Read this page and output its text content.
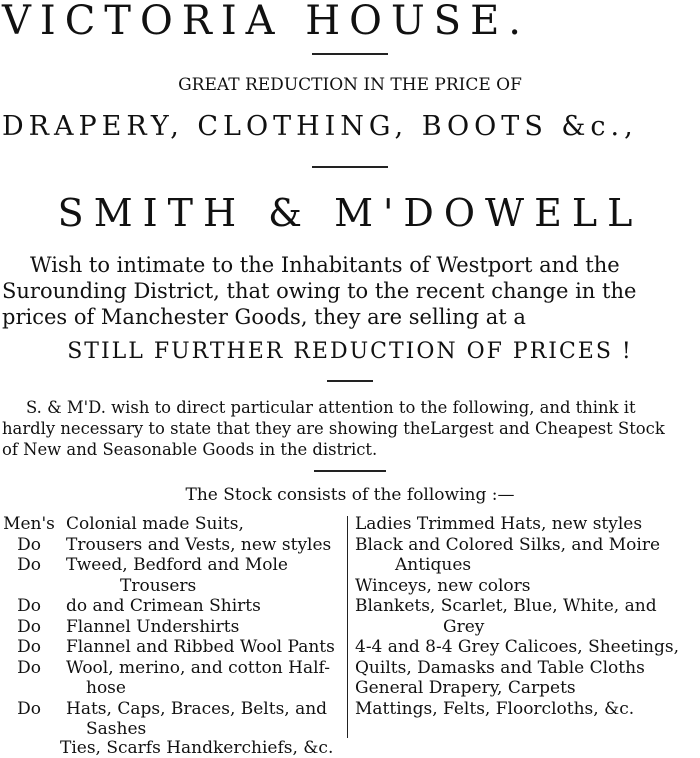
VICTORIA HOUSE.
GREAT REDUCTION IN THE PRICE OF
DRAPERY, CLOTHING, BOOTS &c.,
SMITH & M'DOWELL
Wish to intimate to the Inhabitants of Westport and the
Surounding District, that owing to the recent change in the
prices of Manchester Goods, they are selling at a
STILL FURTHER REDUCTION OF PRICES !
S. & M'D. wish to direct particular attention to the following, and think it
hardly necessary to state that they are showing theLargest and Cheapest Stock
of New and Seasonable Goods in the district.
The Stock consists of the following :—
Men's Colonial made Suits,
Do	Trousers and Vests, new styles
Do	Tweed, Bedford and Mole
Trousers
Do	do and Crimean Shirts
Do	Flannel Undershirts
Do	Flannel and Ribbed Wool Pants
Do	Wool, merino, and cotton Half-
hose
Do	Hats, Caps, Braces, Belts, and
Sashes
Ladies Trimmed Hats, new styles
Black and Colored Silks, and Moire
Antiques
Winceys, new colors
Blankets, Scarlet, Blue, White, and
Grey
4-4 and 8-4 Grey Calicoes, Sheetings,
Quilts, Damasks and Table Cloths
General Drapery, Carpets
Mattings, Felts, Floorcloths, &c.
Ties, Scarfs Handkerchiefs, &c.
